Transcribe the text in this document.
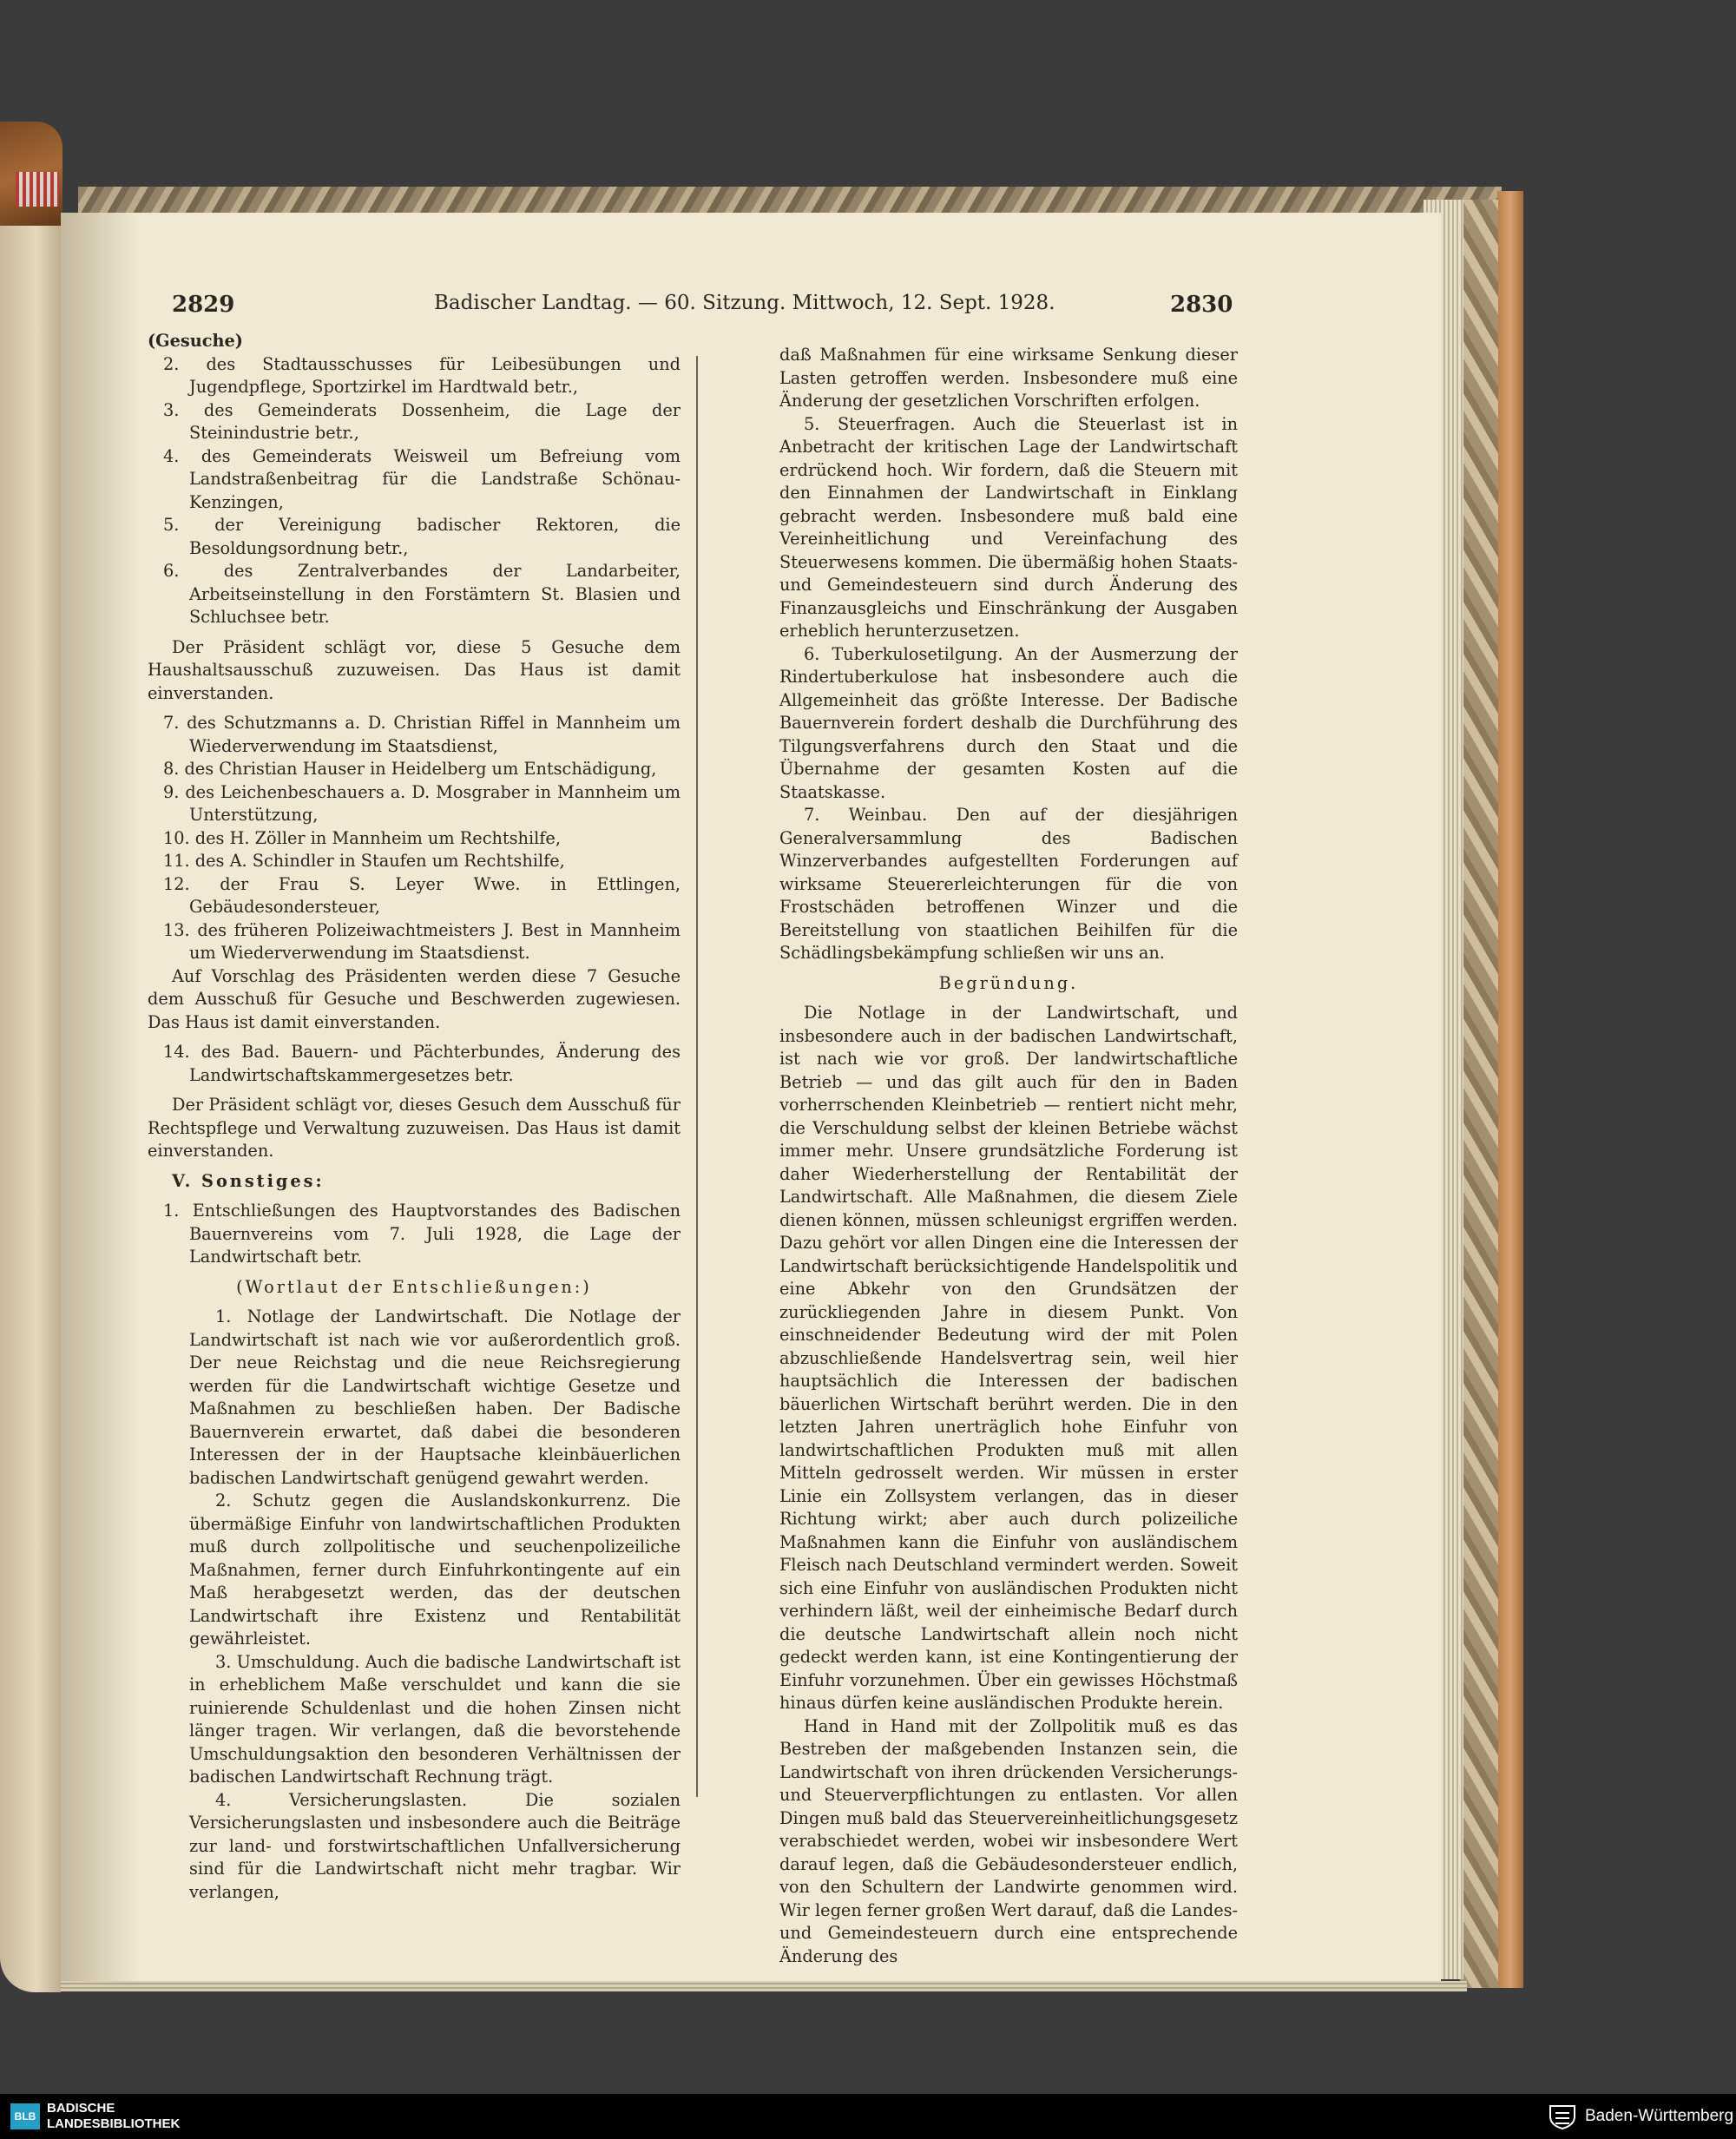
2829	Badischer Landtag. — 60. Sitzung. Mittwoch, 12. Sept. 1928.	2830

(Gesuche)

2. des Stadtausschusses für Leibesübungen und Jugendpflege, Sportzirkel im Hardtwald betr.,

3. des Gemeinderats Dossenheim, die Lage der Steinindustrie betr.,

4. des Gemeinderats Weisweil um Befreiung vom Landstraßenbeitrag für die Landstraße Schönau-Kenzingen,

5. der Vereinigung badischer Rektoren, die Besoldungsordnung betr.,

6. des Zentralverbandes der Landarbeiter, Arbeitseinstellung in den Forstämtern St. Blasien und Schluchsee betr.

Der Präsident schlägt vor, diese 5 Gesuche dem Haushaltsausschuß zuzuweisen. Das Haus ist damit einverstanden.

7. des Schutzmanns a. D. Christian Riffel in Mannheim um Wiederverwendung im Staatsdienst,

8. des Christian Hauser in Heidelberg um Entschädigung,

9. des Leichenbeschauers a. D. Mosgraber in Mannheim um Unterstützung,

10. des H. Zöller in Mannheim um Rechtshilfe,

11. des A. Schindler in Staufen um Rechtshilfe,

12. der Frau S. Leyer Wwe. in Ettlingen, Gebäudesondersteuer,

13. des früheren Polizeiwachtmeisters J. Best in Mannheim um Wiederverwendung im Staatsdienst.

Auf Vorschlag des Präsidenten werden diese 7 Gesuche dem Ausschuß für Gesuche und Beschwerden zugewiesen. Das Haus ist damit einverstanden.

14. des Bad. Bauern- und Pächterbundes, Änderung des Landwirtschaftskammergesetzes betr.

Der Präsident schlägt vor, dieses Gesuch dem Ausschuß für Rechtspflege und Verwaltung zuzuweisen. Das Haus ist damit einverstanden.

V. Sonstiges:

1. Entschließungen des Hauptvorstandes des Badischen Bauernvereins vom 7. Juli 1928, die Lage der Landwirtschaft betr.

(Wortlaut der Entschließungen:)

1. Notlage der Landwirtschaft. Die Notlage der Landwirtschaft ist nach wie vor außerordentlich groß. Der neue Reichstag und die neue Reichsregierung werden für die Landwirtschaft wichtige Gesetze und Maßnahmen zu beschließen haben. Der Badische Bauernverein erwartet, daß dabei die besonderen Interessen der in der Hauptsache kleinbäuerlichen badischen Landwirtschaft genügend gewahrt werden.

2. Schutz gegen die Auslandskonkurrenz. Die übermäßige Einfuhr von landwirtschaftlichen Produkten muß durch zollpolitische und seuchenpolizeiliche Maßnahmen, ferner durch Einfuhrkontingente auf ein Maß herabgesetzt werden, das der deutschen Landwirtschaft ihre Existenz und Rentabilität gewährleistet.

3. Umschuldung. Auch die badische Landwirtschaft ist in erheblichem Maße verschuldet und kann die sie ruinierende Schuldenlast und die hohen Zinsen nicht länger tragen. Wir verlangen, daß die bevorstehende Umschuldungsaktion den besonderen Verhältnissen der badischen Landwirtschaft Rechnung trägt.

4. Versicherungslasten. Die sozialen Versicherungslasten und insbesondere auch die Beiträge zur land- und forstwirtschaftlichen Unfallversicherung sind für die Landwirtschaft nicht mehr tragbar. Wir verlangen,

daß Maßnahmen für eine wirksame Senkung dieser Lasten getroffen werden. Insbesondere muß eine Änderung der gesetzlichen Vorschriften erfolgen.

5. Steuerfragen. Auch die Steuerlast ist in Anbetracht der kritischen Lage der Landwirtschaft erdrückend hoch. Wir fordern, daß die Steuern mit den Einnahmen der Landwirtschaft in Einklang gebracht werden. Insbesondere muß bald eine Vereinheitlichung und Vereinfachung des Steuerwesens kommen. Die übermäßig hohen Staats- und Gemeindesteuern sind durch Änderung des Finanzausgleichs und Einschränkung der Ausgaben erheblich herunterzusetzen.

6. Tuberkulosetilgung. An der Ausmerzung der Rindertuberkulose hat insbesondere auch die Allgemeinheit das größte Interesse. Der Badische Bauernverein fordert deshalb die Durchführung des Tilgungsverfahrens durch den Staat und die Übernahme der gesamten Kosten auf die Staatskasse.

7. Weinbau. Den auf der diesjährigen Generalversammlung des Badischen Winzerverbandes aufgestellten Forderungen auf wirksame Steuererleichterungen für die von Frostschäden betroffenen Winzer und die Bereitstellung von staatlichen Beihilfen für die Schädlingsbekämpfung schließen wir uns an.

Begründung.

Die Notlage in der Landwirtschaft, und insbesondere auch in der badischen Landwirtschaft, ist nach wie vor groß. Der landwirtschaftliche Betrieb — und das gilt auch für den in Baden vorherrschenden Kleinbetrieb — rentiert nicht mehr, die Verschuldung selbst der kleinen Betriebe wächst immer mehr. Unsere grundsätzliche Forderung ist daher Wiederherstellung der Rentabilität der Landwirtschaft. Alle Maßnahmen, die diesem Ziele dienen können, müssen schleunigst ergriffen werden. Dazu gehört vor allen Dingen eine die Interessen der Landwirtschaft berücksichtigende Handelspolitik und eine Abkehr von den Grundsätzen der zurückliegenden Jahre in diesem Punkt. Von einschneidender Bedeutung wird der mit Polen abzuschließende Handelsvertrag sein, weil hier hauptsächlich die Interessen der badischen bäuerlichen Wirtschaft berührt werden. Die in den letzten Jahren unerträglich hohe Einfuhr von landwirtschaftlichen Produkten muß mit allen Mitteln gedrosselt werden. Wir müssen in erster Linie ein Zollsystem verlangen, das in dieser Richtung wirkt; aber auch durch polizeiliche Maßnahmen kann die Einfuhr von ausländischem Fleisch nach Deutschland vermindert werden. Soweit sich eine Einfuhr von ausländischen Produkten nicht verhindern läßt, weil der einheimische Bedarf durch die deutsche Landwirtschaft allein noch nicht gedeckt werden kann, ist eine Kontingentierung der Einfuhr vorzunehmen. Über ein gewisses Höchstmaß hinaus dürfen keine ausländischen Produkte herein.

Hand in Hand mit der Zollpolitik muß es das Bestreben der maßgebenden Instanzen sein, die Landwirtschaft von ihren drückenden Versicherungs- und Steuerverpflichtungen zu entlasten. Vor allen Dingen muß bald das Steuervereinheitlichungsgesetz verabschiedet werden, wobei wir insbesondere Wert darauf legen, daß die Gebäudesondersteuer endlich, von den Schultern der Landwirte genommen wird. Wir legen ferner großen Wert darauf, daß die Landes- und Gemeindesteuern durch eine entsprechende Änderung des

BLB
BADISCHE
LANDESBIBLIOTHEK	Baden-Württemberg
